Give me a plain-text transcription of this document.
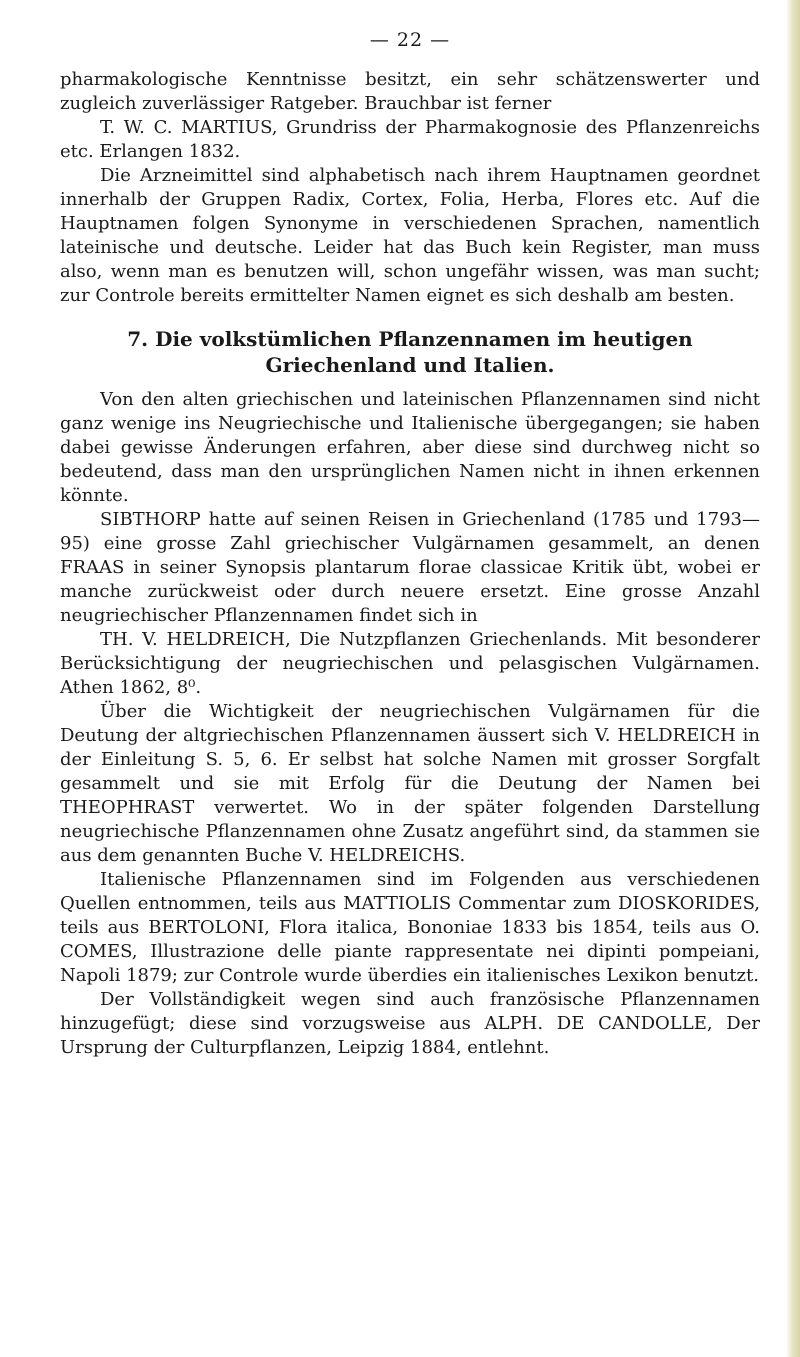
— 22 —

pharmakologische Kenntnisse besitzt, ein sehr schätzenswerter und zugleich zuverlässiger Ratgeber. Brauchbar ist ferner

T. W. C. MARTIUS, Grundriss der Pharmakognosie des Pflanzenreichs etc. Erlangen 1832.

Die Arzneimittel sind alphabetisch nach ihrem Hauptnamen geordnet innerhalb der Gruppen Radix, Cortex, Folia, Herba, Flores etc. Auf die Hauptnamen folgen Synonyme in verschiedenen Sprachen, namentlich lateinische und deutsche. Leider hat das Buch kein Register, man muss also, wenn man es benutzen will, schon ungefähr wissen, was man sucht; zur Controle bereits ermittelter Namen eignet es sich deshalb am besten.

7. Die volkstümlichen Pflanzennamen im heutigen Griechenland und Italien.

Von den alten griechischen und lateinischen Pflanzennamen sind nicht ganz wenige ins Neugriechische und Italienische übergegangen; sie haben dabei gewisse Änderungen erfahren, aber diese sind durchweg nicht so bedeutend, dass man den ursprünglichen Namen nicht in ihnen erkennen könnte.

SIBTHORP hatte auf seinen Reisen in Griechenland (1785 und 1793—95) eine grosse Zahl griechischer Vulgärnamen gesammelt, an denen FRAAS in seiner Synopsis plantarum florae classicae Kritik übt, wobei er manche zurückweist oder durch neuere ersetzt. Eine grosse Anzahl neugriechischer Pflanzennamen findet sich in

TH. V. HELDREICH, Die Nutzpflanzen Griechenlands. Mit besonderer Berücksichtigung der neugriechischen und pelasgischen Vulgärnamen. Athen 1862, 8⁰.

Über die Wichtigkeit der neugriechischen Vulgärnamen für die Deutung der altgriechischen Pflanzennamen äussert sich V. HELDREICH in der Einleitung S. 5, 6. Er selbst hat solche Namen mit grosser Sorgfalt gesammelt und sie mit Erfolg für die Deutung der Namen bei THEOPHRAST verwertet. Wo in der später folgenden Darstellung neugriechische Pflanzennamen ohne Zusatz angeführt sind, da stammen sie aus dem genannten Buche V. HELDREICHS.

Italienische Pflanzennamen sind im Folgenden aus verschiedenen Quellen entnommen, teils aus MATTIOLIS Commentar zum DIOSKORIDES, teils aus BERTOLONI, Flora italica, Bononiae 1833 bis 1854, teils aus O. COMES, Illustrazione delle piante rappresentate nei dipinti pompeiani, Napoli 1879; zur Controle wurde überdies ein italienisches Lexikon benutzt.

Der Vollständigkeit wegen sind auch französische Pflanzennamen hinzugefügt; diese sind vorzugsweise aus ALPH. DE CANDOLLE, Der Ursprung der Culturpflanzen, Leipzig 1884, entlehnt.
